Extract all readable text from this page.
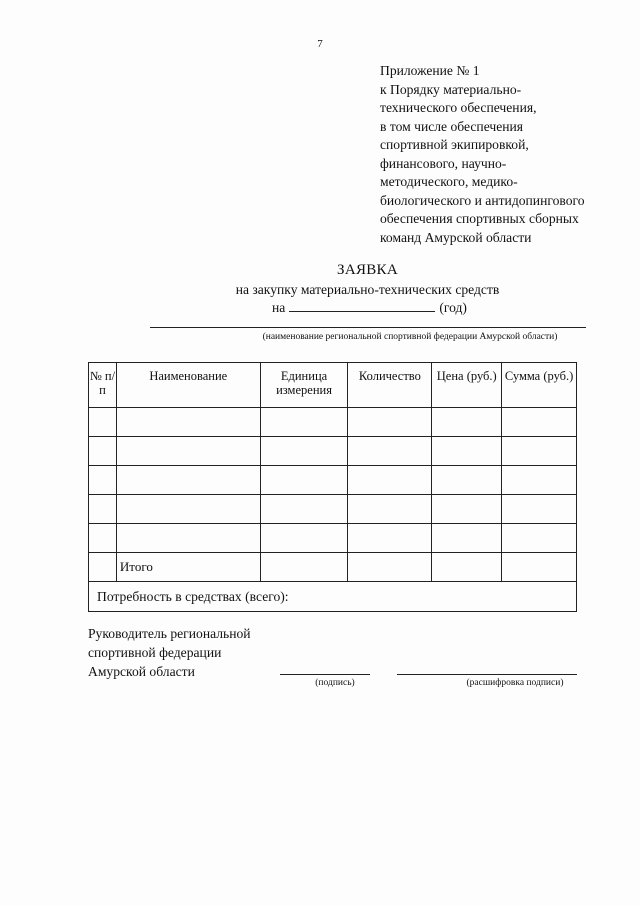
7
Приложение № 1
к Порядку материально-
технического обеспечения,
в том числе обеспечения
спортивной экипировкой,
финансового, научно-
методического, медико-
биологического и антидопингового
обеспечения спортивных сборных
команд Амурской области
ЗАЯВКА
на закупку материально-технических средств
на	(год)
(наименование региональной спортивной федерации Амурской области)
№ п/п	Наименование	Единица измерения	Количество	Цена (руб.)	Сумма (руб.)

	Итого				
Потребность в средствах (всего):					
Руководитель региональной
спортивной федерации
Амурской области
(подпись)	(расшифровка подписи)
